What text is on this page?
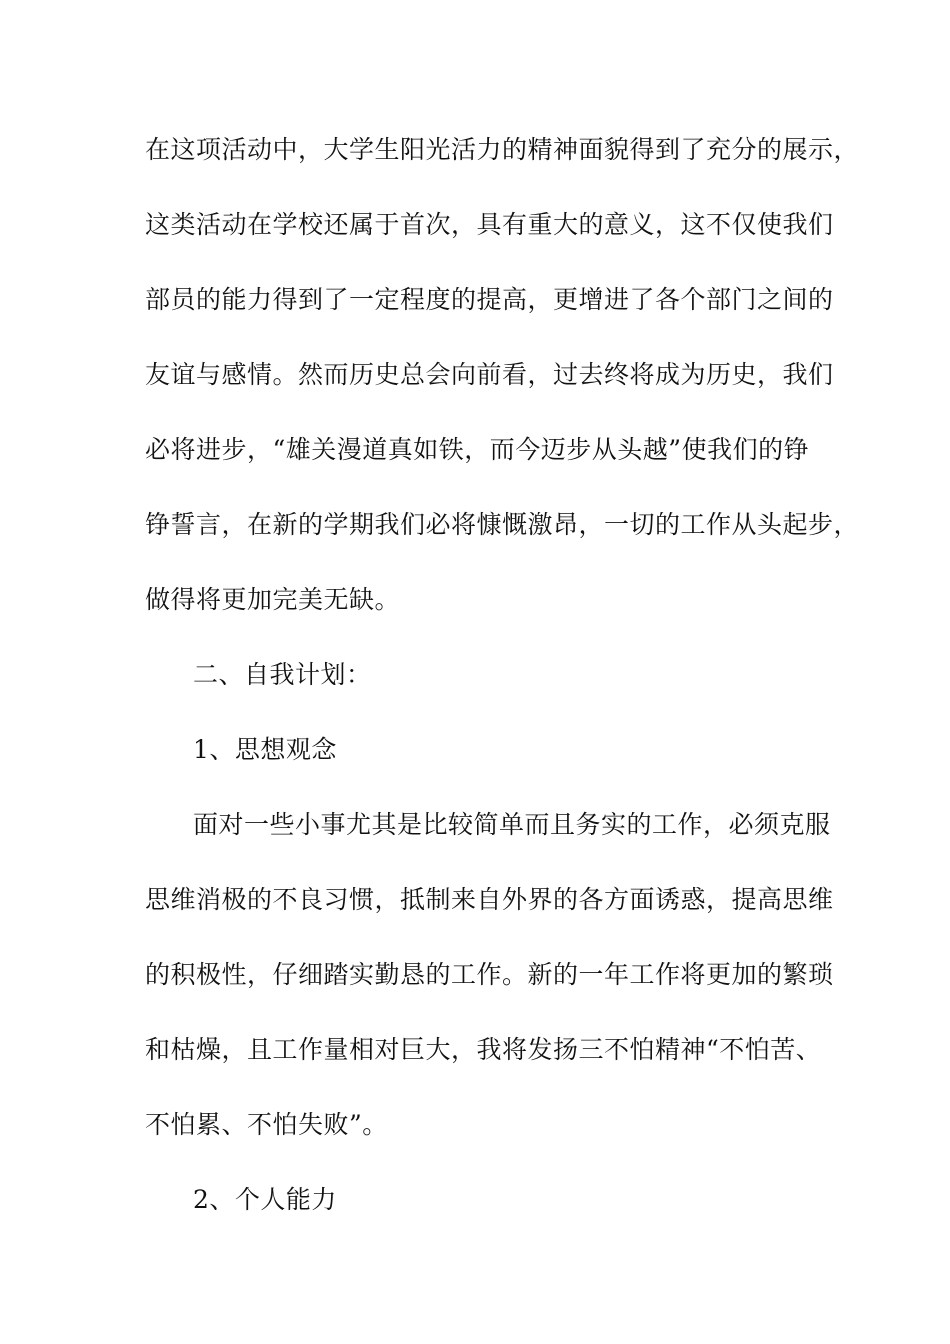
在这项活动中，大学生阳光活力的精神面貌得到了充分的展示，
这类活动在学校还属于首次，具有重大的意义，这不仅使我们
部员的能力得到了一定程度的提高，更增进了各个部门之间的
友谊与感情。然而历史总会向前看，过去终将成为历史，我们
必将进步，“雄关漫道真如铁，而今迈步从头越”使我们的铮
铮誓言，在新的学期我们必将慷慨激昂，一切的工作从头起步，
做得将更加完美无缺。
二、自我计划：
1、思想观念
面对一些小事尤其是比较简单而且务实的工作，必须克服
思维消极的不良习惯，抵制来自外界的各方面诱惑，提高思维
的积极性，仔细踏实勤恳的工作。新的一年工作将更加的繁琐
和枯燥，且工作量相对巨大，我将发扬三不怕精神“不怕苦、
不怕累、不怕失败”。
2、个人能力
